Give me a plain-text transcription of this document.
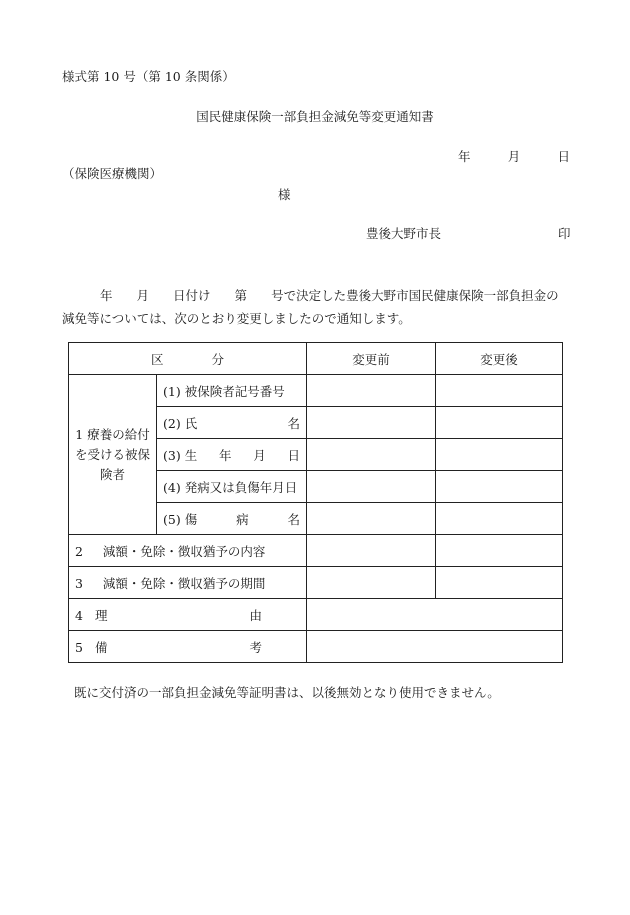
様式第 10 号（第 10 条関係）
国民健康保険一部負担金減免等変更通知書
年	月	日
（保険医療機関）
様
豊後大野市長	印
年 月 日付け 第 号で決定した豊後大野市国民健康保険一部負担金の
減免等については、次のとおり変更しましたので通知します。
区 分		変更前	変更後
1 療養の給付を受ける被保険者	(1) 被保険者記号番号		

	(2) 氏 名		

	(3) 生 年 月 日		

	(4) 発病又は負傷年月日		

	(5) 傷 病 名		

2 減額・免除・徴収猶予の内容			
3 減額・免除・徴収猶予の期間			

4 理 由			

5 備 考			

既に交付済の一部負担金減免等証明書は、以後無効となり使用できません。
